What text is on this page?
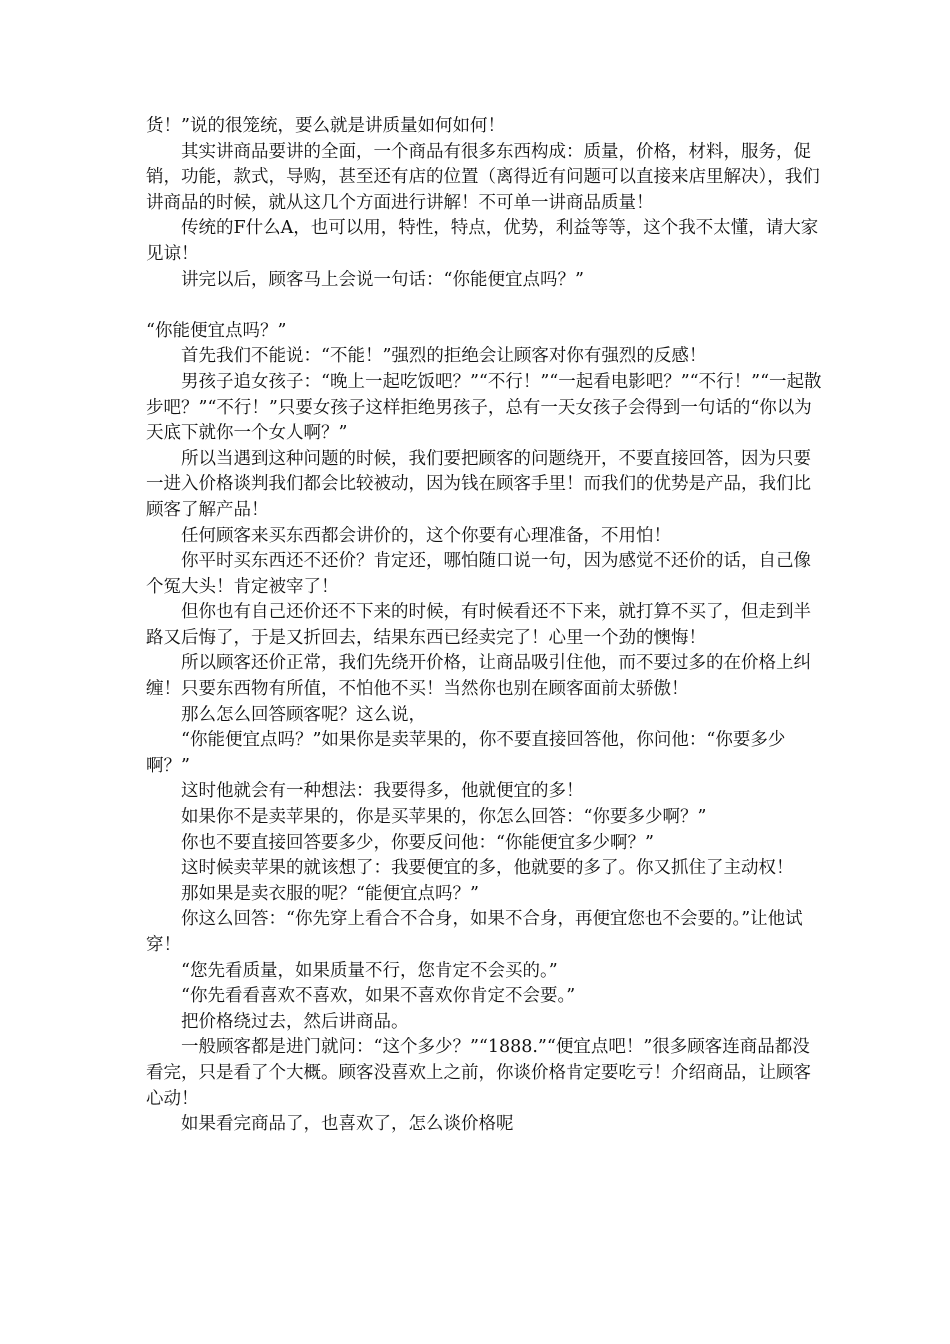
货！”说的很笼统，要么就是讲质量如何如何！

其实讲商品要讲的全面，一个商品有很多东西构成：质量，价格，材料，服务，促销，功能，款式，导购，甚至还有店的位置（离得近有问题可以直接来店里解决），我们讲商品的时候，就从这几个方面进行讲解！不可单一讲商品质量！

传统的F什么A，也可以用，特性，特点，优势，利益等等，这个我不太懂，请大家见谅！

讲完以后，顾客马上会说一句话：“你能便宜点吗？”

“你能便宜点吗？”

首先我们不能说：“不能！”强烈的拒绝会让顾客对你有强烈的反感！

男孩子追女孩子：“晚上一起吃饭吧？”“不行！”“一起看电影吧？”“不行！”“一起散步吧？”“不行！”只要女孩子这样拒绝男孩子，总有一天女孩子会得到一句话的“你以为天底下就你一个女人啊？”

所以当遇到这种问题的时候，我们要把顾客的问题绕开，不要直接回答，因为只要一进入价格谈判我们都会比较被动，因为钱在顾客手里！而我们的优势是产品，我们比顾客了解产品！

任何顾客来买东西都会讲价的，这个你要有心理准备，不用怕！

你平时买东西还不还价？肯定还，哪怕随口说一句，因为感觉不还价的话，自己像个冤大头！肯定被宰了！

但你也有自己还价还不下来的时候，有时候看还不下来，就打算不买了，但走到半路又后悔了，于是又折回去，结果东西已经卖完了！心里一个劲的懊悔！

所以顾客还价正常，我们先绕开价格，让商品吸引住他，而不要过多的在价格上纠缠！只要东西物有所值，不怕他不买！当然你也别在顾客面前太骄傲！

那么怎么回答顾客呢？这么说，

“你能便宜点吗？”如果你是卖苹果的，你不要直接回答他，你问他：“你要多少啊？”

这时他就会有一种想法：我要得多，他就便宜的多！

如果你不是卖苹果的，你是买苹果的，你怎么回答：“你要多少啊？”

你也不要直接回答要多少，你要反问他：“你能便宜多少啊？”

这时候卖苹果的就该想了：我要便宜的多，他就要的多了。你又抓住了主动权！

那如果是卖衣服的呢？“能便宜点吗？”

你这么回答：“你先穿上看合不合身，如果不合身，再便宜您也不会要的。”让他试穿！

“您先看质量，如果质量不行，您肯定不会买的。”

“你先看看喜欢不喜欢，如果不喜欢你肯定不会要。”

把价格绕过去，然后讲商品。

一般顾客都是进门就问：“这个多少？”“1888.”“便宜点吧！”很多顾客连商品都没看完，只是看了个大概。顾客没喜欢上之前，你谈价格肯定要吃亏！介绍商品，让顾客心动！

如果看完商品了，也喜欢了，怎么谈价格呢
